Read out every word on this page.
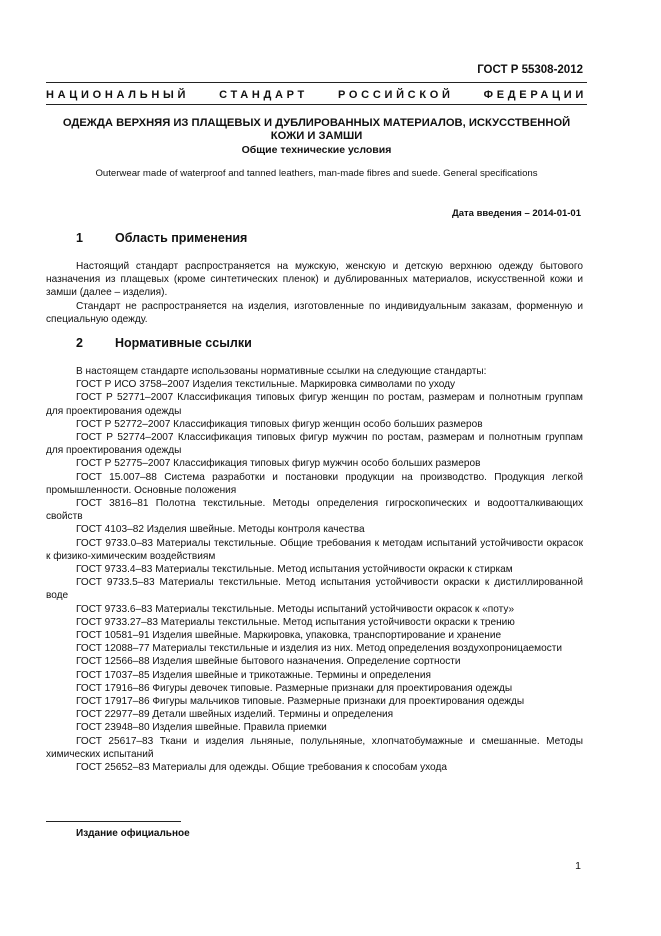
ГОСТ Р 55308-2012
НАЦИОНАЛЬНЫЙ СТАНДАРТ РОССИЙСКОЙ ФЕДЕРАЦИИ
ОДЕЖДА ВЕРХНЯЯ ИЗ ПЛАЩЕВЫХ И ДУБЛИРОВАННЫХ МАТЕРИАЛОВ, ИСКУССТВЕННОЙ
КОЖИ И ЗАМШИ
Общие технические условия
Outerwear made of waterproof and tanned leathers, man-made fibres and suede. General specifications
Дата введения – 2014-01-01
1	Область применения

Настоящий стандарт распространяется на мужскую, женскую и детскую верхнюю одежду бытового назначения из плащевых (кроме синтетических пленок) и дублированных материалов, искусственной кожи и замши (далее – изделия).

Стандарт не распространяется на изделия, изготовленные по индивидуальным заказам, форменную и специальную одежду.

2	Нормативные ссылки

В настоящем стандарте использованы нормативные ссылки на следующие стандарты:

ГОСТ Р ИСО 3758–2007 Изделия текстильные. Маркировка символами по уходу

ГОСТ Р 52771–2007 Классификация типовых фигур женщин по ростам, размерам и полнотным группам для проектирования одежды

ГОСТ Р 52772–2007 Классификация типовых фигур женщин особо больших размеров

ГОСТ Р 52774–2007 Классификация типовых фигур мужчин по ростам, размерам и полнотным группам для проектирования одежды

ГОСТ Р 52775–2007 Классификация типовых фигур мужчин особо больших размеров

ГОСТ 15.007–88 Система разработки и постановки продукции на производство. Продукция легкой промышленности. Основные положения

ГОСТ 3816–81 Полотна текстильные. Методы определения гигроскопических и водоотталкивающих свойств

ГОСТ 4103–82 Изделия швейные. Методы контроля качества

ГОСТ 9733.0–83 Материалы текстильные. Общие требования к методам испытаний устойчивости окрасок к физико-химическим воздействиям

ГОСТ 9733.4–83 Материалы текстильные. Метод испытания устойчивости окраски к стиркам

ГОСТ 9733.5–83 Материалы текстильные. Метод испытания устойчивости окраски к дистиллированной воде

ГОСТ 9733.6–83 Материалы текстильные. Методы испытаний устойчивости окрасок к «поту»

ГОСТ 9733.27–83 Материалы текстильные. Метод испытания устойчивости окраски к трению

ГОСТ 10581–91 Изделия швейные. Маркировка, упаковка, транспортирование и хранение

ГОСТ 12088–77 Материалы текстильные и изделия из них. Метод определения воздухопроницаемости

ГОСТ 12566–88 Изделия швейные бытового назначения. Определение сортности

ГОСТ 17037–85 Изделия швейные и трикотажные. Термины и определения

ГОСТ 17916–86 Фигуры девочек типовые. Размерные признаки для проектирования одежды

ГОСТ 17917–86 Фигуры мальчиков типовые. Размерные признаки для проектирования одежды

ГОСТ 22977–89 Детали швейных изделий. Термины и определения

ГОСТ 23948–80 Изделия швейные. Правила приемки

ГОСТ 25617–83 Ткани и изделия льняные, полульняные, хлопчатобумажные и смешанные. Методы химических испытаний

ГОСТ 25652–83 Материалы для одежды. Общие требования к способам ухода

Издание официальное
1
